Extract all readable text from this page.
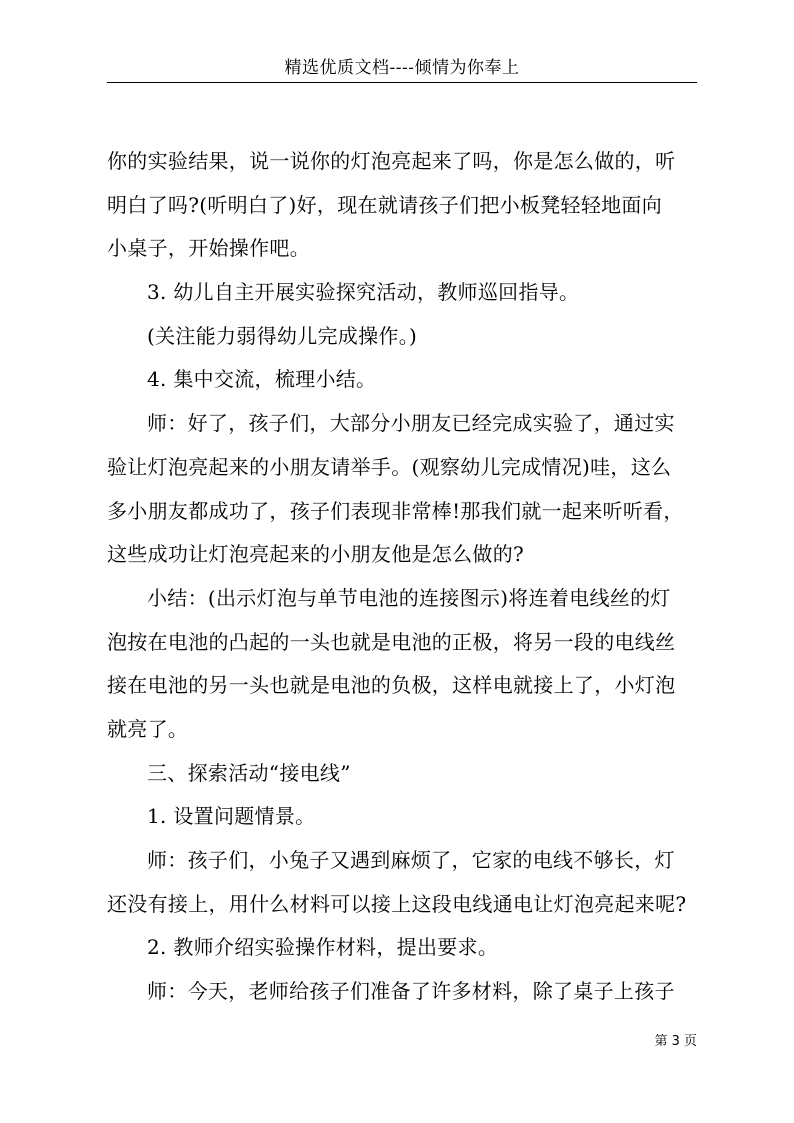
精选优质文档----倾情为你奉上
你的实验结果，说一说你的灯泡亮起来了吗，你是怎么做的，听
明白了吗?(听明白了)好，现在就请孩子们把小板凳轻轻地面向
小桌子，开始操作吧。
3. 幼儿自主开展实验探究活动，教师巡回指导。
(关注能力弱得幼儿完成操作。)
4. 集中交流，梳理小结。
师：好了，孩子们，大部分小朋友已经完成实验了，通过实
验让灯泡亮起来的小朋友请举手。(观察幼儿完成情况)哇，这么
多小朋友都成功了，孩子们表现非常棒!那我们就一起来听听看，
这些成功让灯泡亮起来的小朋友他是怎么做的?
小结：(出示灯泡与单节电池的连接图示)将连着电线丝的灯
泡按在电池的凸起的一头也就是电池的正极，将另一段的电线丝
接在电池的另一头也就是电池的负极，这样电就接上了，小灯泡
就亮了。
三、探索活动“接电线”
1. 设置问题情景。
师：孩子们，小兔子又遇到麻烦了，它家的电线不够长，灯
还没有接上，用什么材料可以接上这段电线通电让灯泡亮起来呢?
2. 教师介绍实验操作材料，提出要求。
师：今天，老师给孩子们准备了许多材料，除了桌子上孩子
第 3 页
